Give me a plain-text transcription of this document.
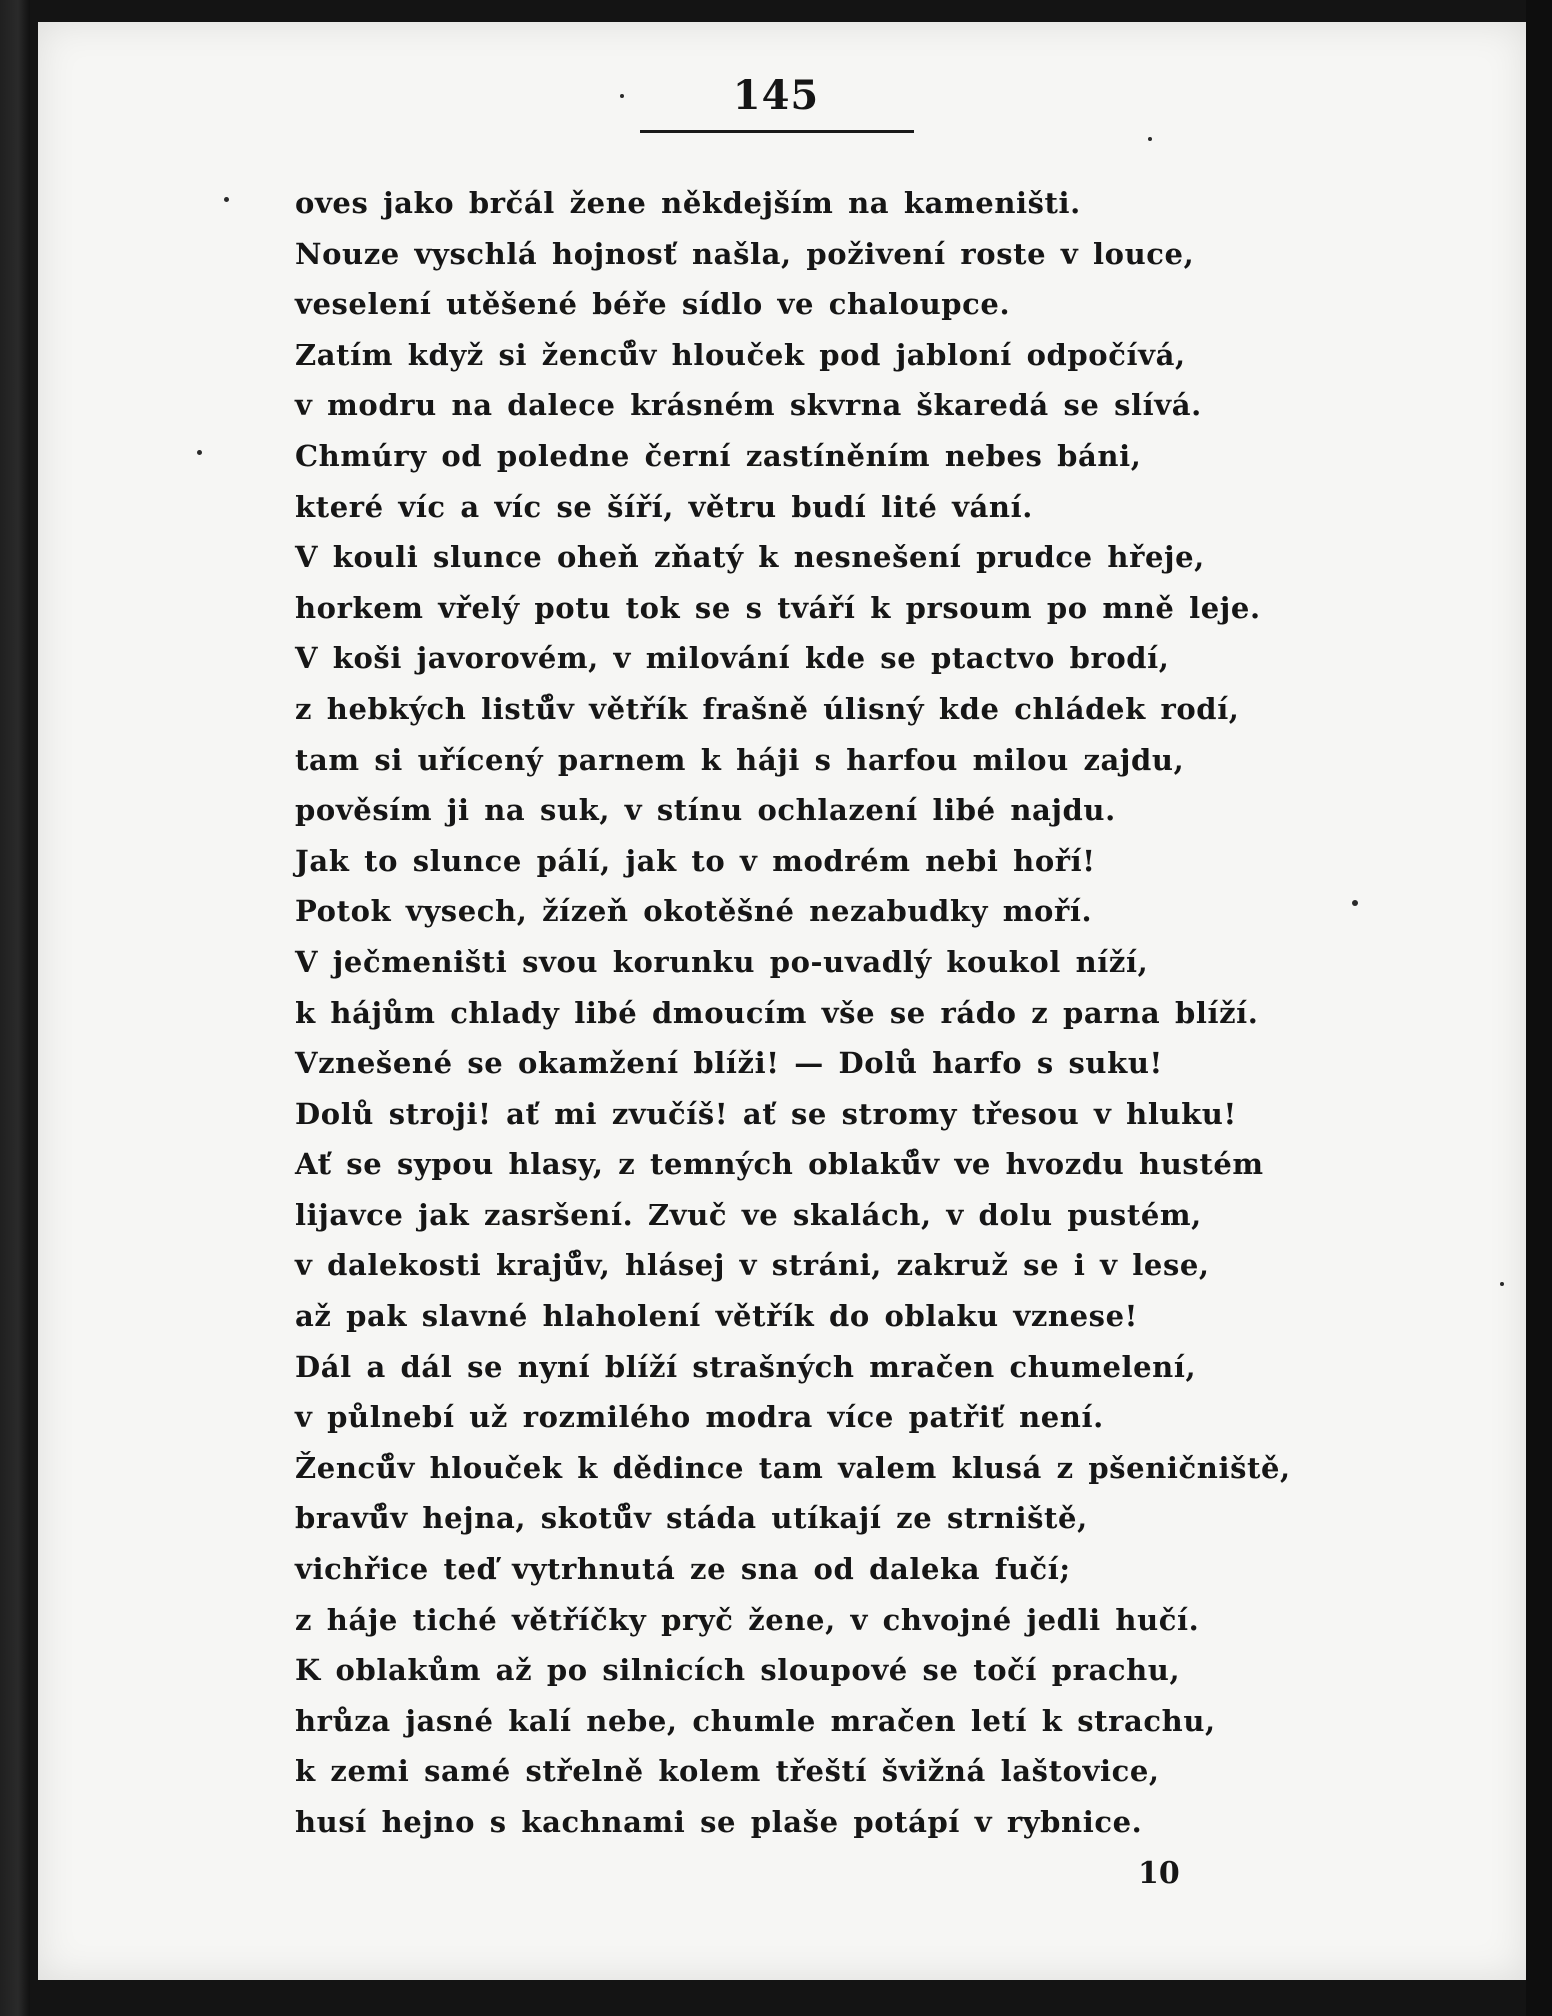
145
oves jako brčál žene někdejším na kameništi.
Nouze vyschlá hojnosť našla, poživení roste v louce,
veselení utěšené béře sídlo ve chaloupce.
Zatím když si ženců̊v hlouček pod jabloní odpočívá,
v modru na dalece krásném skvrna škaredá se slívá.
Chmúry od poledne černí zastíněním nebes báni,
které víc a víc se šíří, větru budí lité vání.
V kouli slunce oheň zňatý k nesnešení prudce hřeje,
horkem vřelý potu tok se s tváří k prsoum po mně leje.
V koši javorovém, v milování kde se ptactvo brodí,
z hebkých listů̊v větřík frašně úlisný kde chládek rodí,
tam si uřícený parnem k háji s harfou milou zajdu,
pověsím ji na suk, v stínu ochlazení libé najdu.
Jak to slunce pálí, jak to v modrém nebi hoří!
Potok vysech, žízeň okotěšné nezabudky moří.
V ječmeništi svou korunku po-uvadlý koukol níží,
k hájům chlady libé dmoucím vše se rádo z parna blíží.
Vznešené se okamžení blíži! — Dolů harfo s suku!
Dolů stroji! ať mi zvučíš! ať se stromy třesou v hluku!
Ať se sypou hlasy, z temných oblaků̊v ve hvozdu hustém
lijavce jak zasršení. Zvuč ve skalách, v dolu pustém,
v dalekosti krajů̊v, hlásej v stráni, zakruž se i v lese,
až pak slavné hlaholení větřík do oblaku vznese!
Dál a dál se nyní blíží strašných mračen chumelení,
v půlnebí už rozmilého modra více patřiť není.
Ženců̊v hlouček k dědince tam valem klusá z pšeničniště,
bravů̊v hejna, skotů̊v stáda utíkají ze strniště,
vichřice teď vytrhnutá ze sna od daleka fučí;
z háje tiché větříčky pryč žene, v chvojné jedli hučí.
K oblakům až po silnicích sloupové se točí prachu,
hrůza jasné kalí nebe, chumle mračen letí k strachu,
k zemi samé střelně kolem třeští švižná laštovice,
husí hejno s kachnami se plaše potápí v rybnice.
10
